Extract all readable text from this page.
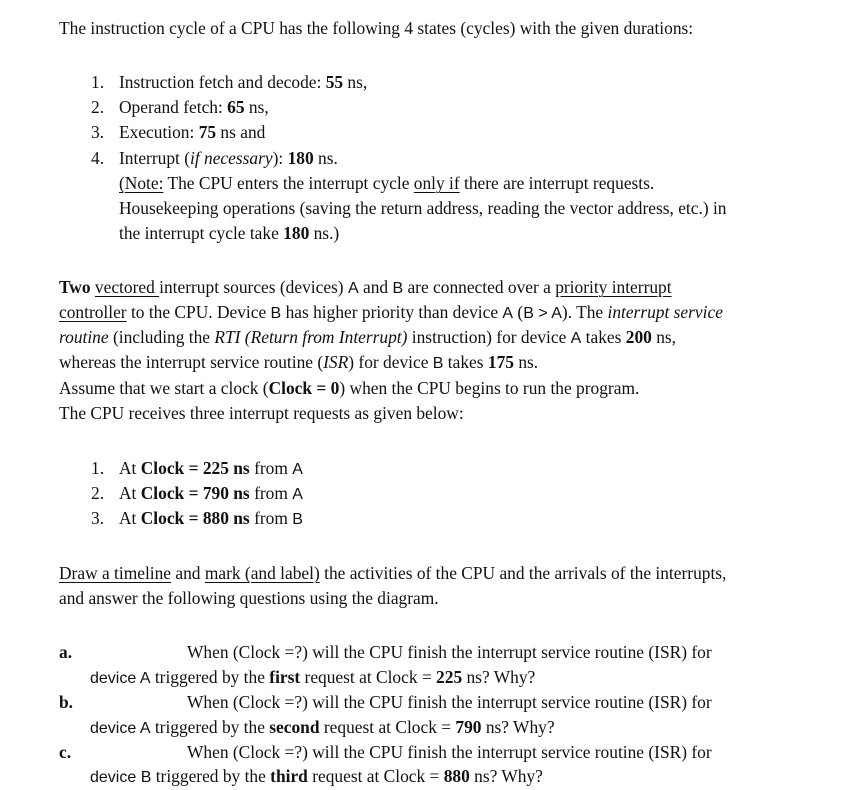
The instruction cycle of a CPU has the following 4 states (cycles) with the given durations:
1. Instruction fetch and decode: 55 ns,
2. Operand fetch: 65 ns,
3. Execution: 75 ns and
4. Interrupt (if necessary): 180 ns.
(Note: The CPU enters the interrupt cycle only if there are interrupt requests.
Housekeeping operations (saving the return address, reading the vector address, etc.) in
the interrupt cycle take 180 ns.)
Two vectored interrupt sources (devices) A and B are connected over a priority interrupt
controller to the CPU. Device B has higher priority than device A (B > A). The interrupt service
routine (including the RTI (Return from Interrupt) instruction) for device A takes 200 ns,
whereas the interrupt service routine (ISR) for device B takes 175 ns.
Assume that we start a clock (Clock = 0) when the CPU begins to run the program.
The CPU receives three interrupt requests as given below:
1. At Clock = 225 ns from A
2. At Clock = 790 ns from A
3. At Clock = 880 ns from B
Draw a timeline and mark (and label) the activities of the CPU and the arrivals of the interrupts,
and answer the following questions using the diagram.
a.	When (Clock =?) will the CPU finish the interrupt service routine (ISR) for
device A triggered by the first request at Clock = 225 ns? Why?
b.	When (Clock =?) will the CPU finish the interrupt service routine (ISR) for
device A triggered by the second request at Clock = 790 ns? Why?
c.	When (Clock =?) will the CPU finish the interrupt service routine (ISR) for
device B triggered by the third request at Clock = 880 ns? Why?
